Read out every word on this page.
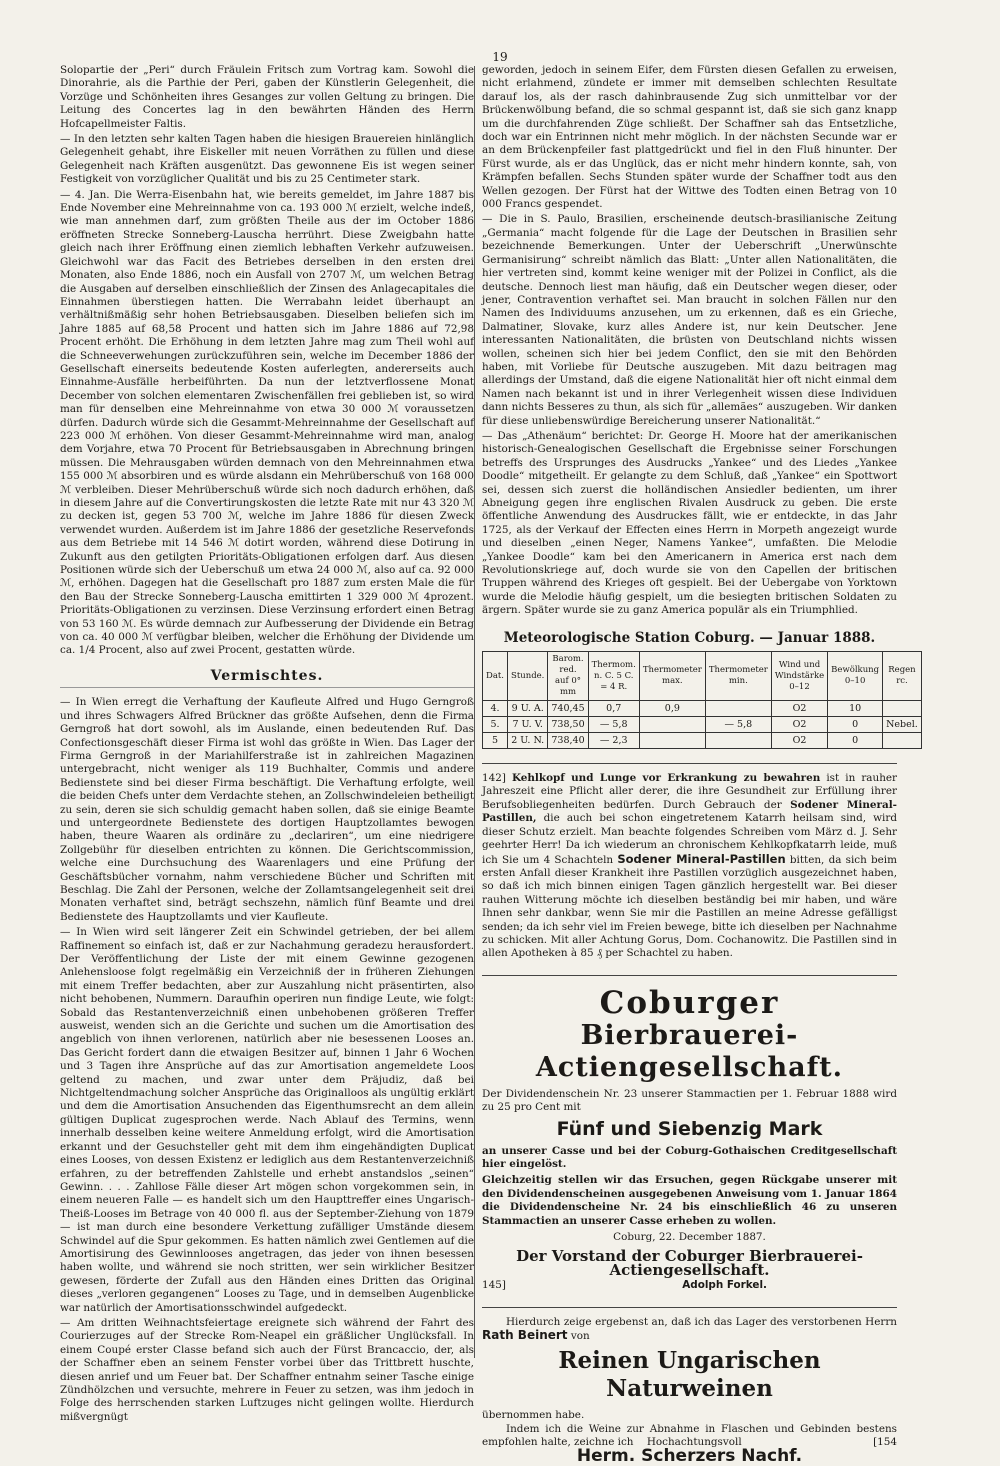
19

Solopartie der „Peri“ durch Fräulein Fritsch zum Vortrag kam. Sowohl die Dinorahrie, als die Parthie der Peri, gaben der Künstlerin Gelegenheit, die Vorzüge und Schönheiten ihres Gesanges zur vollen Geltung zu bringen. Die Leitung des Concertes lag in den bewährten Händen des Herrn Hofcapellmeister Faltis.

— In den letzten sehr kalten Tagen haben die hiesigen Brauereien hinlänglich Gelegenheit gehabt, ihre Eiskeller mit neuen Vorräthen zu füllen und diese Gelegenheit nach Kräften ausgenützt. Das gewonnene Eis ist wegen seiner Festigkeit von vorzüglicher Qualität und bis zu 25 Centimeter stark.

— 4. Jan. Die Werra-Eisenbahn hat, wie bereits gemeldet, im Jahre 1887 bis Ende November eine Mehreinnahme von ca. 193 000 ℳ erzielt, welche indeß, wie man annehmen darf, zum größten Theile aus der im October 1886 eröffneten Strecke Sonneberg-Lauscha herrührt. Diese Zweigbahn hatte gleich nach ihrer Eröffnung einen ziemlich lebhaften Verkehr aufzuweisen. Gleichwohl war das Facit des Betriebes derselben in den ersten drei Monaten, also Ende 1886, noch ein Ausfall von 2707 ℳ, um welchen Betrag die Ausgaben auf derselben einschließlich der Zinsen des Anlagecapitales die Einnahmen überstiegen hatten. Die Werrabahn leidet überhaupt an verhältnißmäßig sehr hohen Betriebsausgaben. Dieselben beliefen sich im Jahre 1885 auf 68,58 Procent und hatten sich im Jahre 1886 auf 72,98 Procent erhöht. Die Erhöhung in dem letzten Jahre mag zum Theil wohl auf die Schneeverwehungen zurückzuführen sein, welche im December 1886 der Gesellschaft einerseits bedeutende Kosten auferlegten, andererseits auch Einnahme-Ausfälle herbeiführten. Da nun der letztverflossene Monat December von solchen elementaren Zwischenfällen frei geblieben ist, so wird man für denselben eine Mehreinnahme von etwa 30 000 ℳ voraussetzen dürfen. Dadurch würde sich die Gesammt-Mehreinnahme der Gesellschaft auf 223 000 ℳ erhöhen. Von dieser Gesammt-Mehreinnahme wird man, analog dem Vorjahre, etwa 70 Procent für Betriebsausgaben in Abrechnung bringen müssen. Die Mehrausgaben würden demnach von den Mehreinnahmen etwa 155 000 ℳ absorbiren und es würde alsdann ein Mehrüberschuß von 168 000 ℳ verbleiben. Dieser Mehrüberschuß würde sich noch dadurch erhöhen, daß in diesem Jahre auf die Convertirungskosten die letzte Rate mit nur 43 320 ℳ zu decken ist, gegen 53 700 ℳ, welche im Jahre 1886 für diesen Zweck verwendet wurden. Außerdem ist im Jahre 1886 der gesetzliche Reservefonds aus dem Betriebe mit 14 546 ℳ dotirt worden, während diese Dotirung in Zukunft aus den getilgten Prioritäts-Obligationen erfolgen darf. Aus diesen Positionen würde sich der Ueberschuß um etwa 24 000 ℳ, also auf ca. 92 000 ℳ, erhöhen. Dagegen hat die Gesellschaft pro 1887 zum ersten Male die für den Bau der Strecke Sonneberg-Lauscha emittirten 1 329 000 ℳ 4prozent. Prioritäts-Obligationen zu verzinsen. Diese Verzinsung erfordert einen Betrag von 53 160 ℳ. Es würde demnach zur Aufbesserung der Dividende ein Betrag von ca. 40 000 ℳ verfügbar bleiben, welcher die Erhöhung der Dividende um ca. 1/4 Procent, also auf zwei Procent, gestatten würde.

Vermischtes.

— In Wien erregt die Verhaftung der Kaufleute Alfred und Hugo Gerngroß und ihres Schwagers Alfred Brückner das größte Aufsehen, denn die Firma Gerngroß hat dort sowohl, als im Auslande, einen bedeutenden Ruf. Das Confectionsgeschäft dieser Firma ist wohl das größte in Wien. Das Lager der Firma Gerngroß in der Mariahilferstraße ist in zahlreichen Magazinen untergebracht, nicht weniger als 119 Buchhalter, Commis und andere Bedienstete sind bei dieser Firma beschäftigt. Die Verhaftung erfolgte, weil die beiden Chefs unter dem Verdachte stehen, an Zollschwindeleien betheiligt zu sein, deren sie sich schuldig gemacht haben sollen, daß sie einige Beamte und untergeordnete Bedienstete des dortigen Hauptzollamtes bewogen haben, theure Waaren als ordinäre zu „declariren“, um eine niedrigere Zollgebühr für dieselben entrichten zu können. Die Gerichtscommission, welche eine Durchsuchung des Waarenlagers und eine Prüfung der Geschäftsbücher vornahm, nahm verschiedene Bücher und Schriften mit Beschlag. Die Zahl der Personen, welche der Zollamtsangelegenheit seit drei Monaten verhaftet sind, beträgt sechszehn, nämlich fünf Beamte und drei Bedienstete des Hauptzollamts und vier Kaufleute.

— In Wien wird seit längerer Zeit ein Schwindel getrieben, der bei allem Raffinement so einfach ist, daß er zur Nachahmung geradezu herausfordert. Der Veröffentlichung der Liste der mit einem Gewinne gezogenen Anlehensloose folgt regelmäßig ein Verzeichniß der in früheren Ziehungen mit einem Treffer bedachten, aber zur Auszahlung nicht präsentirten, also nicht behobenen, Nummern. Daraufhin operiren nun findige Leute, wie folgt: Sobald das Restantenverzeichniß einen unbehobenen größeren Treffer ausweist, wenden sich an die Gerichte und suchen um die Amortisation des angeblich von ihnen verlorenen, natürlich aber nie besessenen Looses an. Das Gericht fordert dann die etwaigen Besitzer auf, binnen 1 Jahr 6 Wochen und 3 Tagen ihre Ansprüche auf das zur Amortisation angemeldete Loos geltend zu machen, und zwar unter dem Präjudiz, daß bei Nichtgeltendmachung solcher Ansprüche das Originalloos als ungültig erklärt und dem die Amortisation Ansuchenden das Eigenthumsrecht an dem allein gültigen Duplicat zugesprochen werde. Nach Ablauf des Termins, wenn innerhalb desselben keine weitere Anmeldung erfolgt, wird die Amortisation erkannt und der Gesuchsteller geht mit dem ihm eingehändigten Duplicat eines Looses, von dessen Existenz er lediglich aus dem Restantenverzeichniß erfahren, zu der betreffenden Zahlstelle und erhebt anstandslos „seinen“ Gewinn. . . . Zahllose Fälle dieser Art mögen schon vorgekommen sein, in einem neueren Falle — es handelt sich um den Haupttreffer eines Ungarisch-Theiß-Looses im Betrage von 40 000 fl. aus der September-Ziehung von 1879 — ist man durch eine besondere Verkettung zufälliger Umstände diesem Schwindel auf die Spur gekommen. Es hatten nämlich zwei Gentlemen auf die Amortisirung des Gewinnlooses angetragen, das jeder von ihnen besessen haben wollte, und während sie noch stritten, wer sein wirklicher Besitzer gewesen, förderte der Zufall aus den Händen eines Dritten das Original dieses „verloren gegangenen“ Looses zu Tage, und in demselben Augenblicke war natürlich der Amortisationsschwindel aufgedeckt.

— Am dritten Weihnachtsfeiertage ereignete sich während der Fahrt des Courierzuges auf der Strecke Rom-Neapel ein gräßlicher Unglücksfall. In einem Coupé erster Classe befand sich auch der Fürst Brancaccio, der, als der Schaffner eben an seinem Fenster vorbei über das Trittbrett huschte, diesen anrief und um Feuer bat. Der Schaffner entnahm seiner Tasche einige Zündhölzchen und versuchte, mehrere in Feuer zu setzen, was ihm jedoch in Folge des herrschenden starken Luftzuges nicht gelingen wollte. Hierdurch mißvergnügt

geworden, jedoch in seinem Eifer, dem Fürsten diesen Gefallen zu erweisen, nicht erlahmend, zündete er immer mit demselben schlechten Resultate darauf los, als der rasch dahinbrausende Zug sich unmittelbar vor der Brückenwölbung befand, die so schmal gespannt ist, daß sie sich ganz knapp um die durchfahrenden Züge schließt. Der Schaffner sah das Entsetzliche, doch war ein Entrinnen nicht mehr möglich. In der nächsten Secunde war er an dem Brückenpfeiler fast plattgedrückt und fiel in den Fluß hinunter. Der Fürst wurde, als er das Unglück, das er nicht mehr hindern konnte, sah, von Krämpfen befallen. Sechs Stunden später wurde der Schaffner todt aus den Wellen gezogen. Der Fürst hat der Wittwe des Todten einen Betrag von 10 000 Francs gespendet.

— Die in S. Paulo, Brasilien, erscheinende deutsch-brasilianische Zeitung „Germania“ macht folgende für die Lage der Deutschen in Brasilien sehr bezeichnende Bemerkungen. Unter der Ueberschrift „Unerwünschte Germanisirung“ schreibt nämlich das Blatt: „Unter allen Nationalitäten, die hier vertreten sind, kommt keine weniger mit der Polizei in Conflict, als die deutsche. Dennoch liest man häufig, daß ein Deutscher wegen dieser, oder jener, Contravention verhaftet sei. Man braucht in solchen Fällen nur den Namen des Individuums anzusehen, um zu erkennen, daß es ein Grieche, Dalmatiner, Slovake, kurz alles Andere ist, nur kein Deutscher. Jene interessanten Nationalitäten, die brüsten von Deutschland nichts wissen wollen, scheinen sich hier bei jedem Conflict, den sie mit den Behörden haben, mit Vorliebe für Deutsche auszugeben. Mit dazu beitragen mag allerdings der Umstand, daß die eigene Nationalität hier oft nicht einmal dem Namen nach bekannt ist und in ihrer Verlegenheit wissen diese Individuen dann nichts Besseres zu thun, als sich für „allemães“ auszugeben. Wir danken für diese unliebenswürdige Bereicherung unserer Nationalität.“

— Das „Athenäum“ berichtet: Dr. George H. Moore hat der amerikanischen historisch-Genealogischen Gesellschaft die Ergebnisse seiner Forschungen betreffs des Ursprunges des Ausdrucks „Yankee“ und des Liedes „Yankee Doodle“ mitgetheilt. Er gelangte zu dem Schluß, daß „Yankee“ ein Spottwort sei, dessen sich zuerst die holländischen Ansiedler bedienten, um ihrer Abneigung gegen ihre englischen Rivalen Ausdruck zu geben. Die erste öffentliche Anwendung des Ausdruckes fällt, wie er entdeckte, in das Jahr 1725, als der Verkauf der Effecten eines Herrn in Morpeth angezeigt wurde und dieselben „einen Neger, Namens Yankee“, umfaßten. Die Melodie „Yankee Doodle“ kam bei den Americanern in America erst nach dem Revolutionskriege auf, doch wurde sie von den Capellen der britischen Truppen während des Krieges oft gespielt. Bei der Uebergabe von Yorktown wurde die Melodie häufig gespielt, um die besiegten britischen Soldaten zu ärgern. Später wurde sie zu ganz America populär als ein Triumphlied.

Meteorologische Station Coburg. — Januar 1888.
Dat.	Stunde.	Barom. red. auf 0° mm	Thermom. n. C. 5 C. = 4 R.	Thermometer max.	Thermometer min.	Wind und Windstärke 0–12	Bewölkung 0–10	Regen rc.
4.	9 U. A.	740,45	0,7	0,9		O2	10	
5.	7 U. V.	738,50	— 5,8		— 5,8	O2	0	Nebel.
5	2 U. N.	738,40	— 2,3			O2	0	
142] Kehlkopf und Lunge vor Erkrankung zu bewahren ist in rauher Jahreszeit eine Pflicht aller derer, die ihre Gesundheit zur Erfüllung ihrer Berufsobliegenheiten bedürfen. Durch Gebrauch der Sodener Mineral-Pastillen, die auch bei schon eingetretenem Katarrh heilsam sind, wird dieser Schutz erzielt. Man beachte folgendes Schreiben vom März d. J. Sehr geehrter Herr! Da ich wiederum an chronischem Kehlkopfkatarrh leide, muß ich Sie um 4 Schachteln Sodener Mineral-Pastillen bitten, da sich beim ersten Anfall dieser Krankheit ihre Pastillen vorzüglich ausgezeichnet haben, so daß ich mich binnen einigen Tagen gänzlich hergestellt war. Bei dieser rauhen Witterung möchte ich dieselben beständig bei mir haben, und wäre Ihnen sehr dankbar, wenn Sie mir die Pastillen an meine Adresse gefälligst senden; da ich sehr viel im Freien bewege, bitte ich dieselben per Nachnahme zu schicken. Mit aller Achtung Gorus, Dom. Cochanowitz. Die Pastillen sind in allen Apotheken à 85 ₰ per Schachtel zu haben.
Coburger
Bierbrauerei-Actiengesellschaft.

Der Dividendenschein Nr. 23 unserer Stammactien per 1. Februar 1888 wird zu 25 pro Cent mit

Fünf und Siebenzig Mark

an unserer Casse und bei der Coburg-Gothaischen Creditgesellschaft hier eingelöst.

Gleichzeitig stellen wir das Ersuchen, gegen Rückgabe unserer mit den Dividendenscheinen ausgegebenen Anweisung vom 1. Januar 1864 die Dividendenscheine Nr. 24 bis einschließlich 46 zu unseren Stammactien an unserer Casse erheben zu wollen.

Coburg, 22. December 1887.

Der Vorstand der Coburger Bierbrauerei-Actiengesellschaft.
145]	Adolph Forkel.

Hierdurch zeige ergebenst an, daß ich das Lager des verstorbenen Herrn Rath Beinert von

Reinen Ungarischen Naturweinen

übernommen habe.

Indem ich die Weine zur Abnahme in Flaschen und Gebinden bestens empfohlen halte, zeichne ich Hochachtungsvoll

Herm. Scherzers Nachf.
[154
